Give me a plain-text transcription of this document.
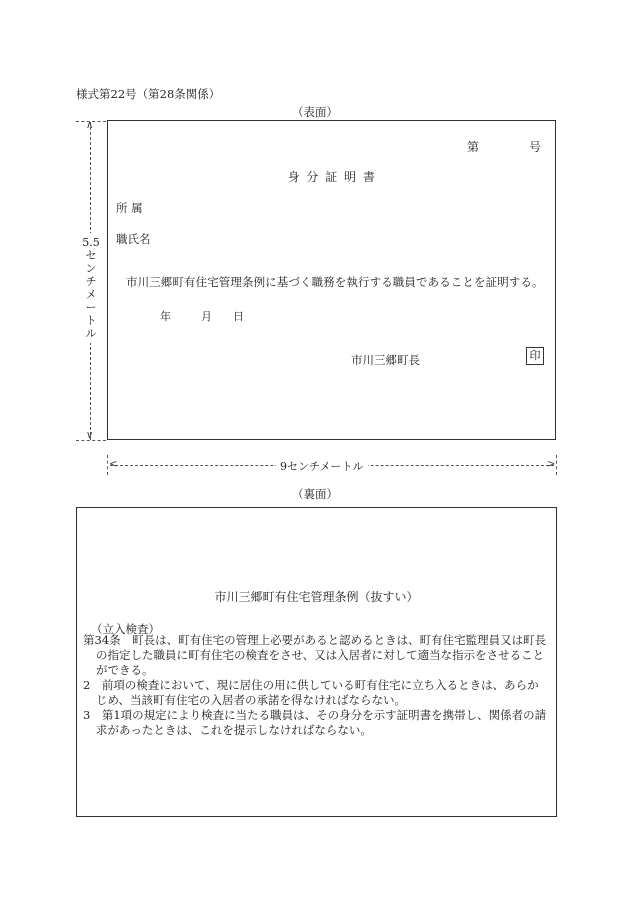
様式第22号（第28条関係）
（表面）
∧
∨
5.5
セ
ン
チ
メ
ー
ト
ル
第	号
身 分 証 明 書
所 属
職氏名
市川三郷町有住宅管理条例に基づく職務を執行する職員であることを証明する。
年	月 日
市川三郷町長	印
<	>
9センチメートル
（裏面）
市川三郷町有住宅管理条例（抜すい）
（立入検査）

第34条　町長は、町有住宅の管理上必要があると認めるときは、町有住宅監理員又は町長の指定した職員に町有住宅の検査をさせ、又は入居者に対して適当な指示をさせることができる。

2　前項の検査において、現に居住の用に供している町有住宅に立ち入るときは、あらかじめ、当該町有住宅の入居者の承諾を得なければならない。

3　第1項の規定により検査に当たる職員は、その身分を示す証明書を携帯し、関係者の請求があったときは、これを提示しなければならない。
